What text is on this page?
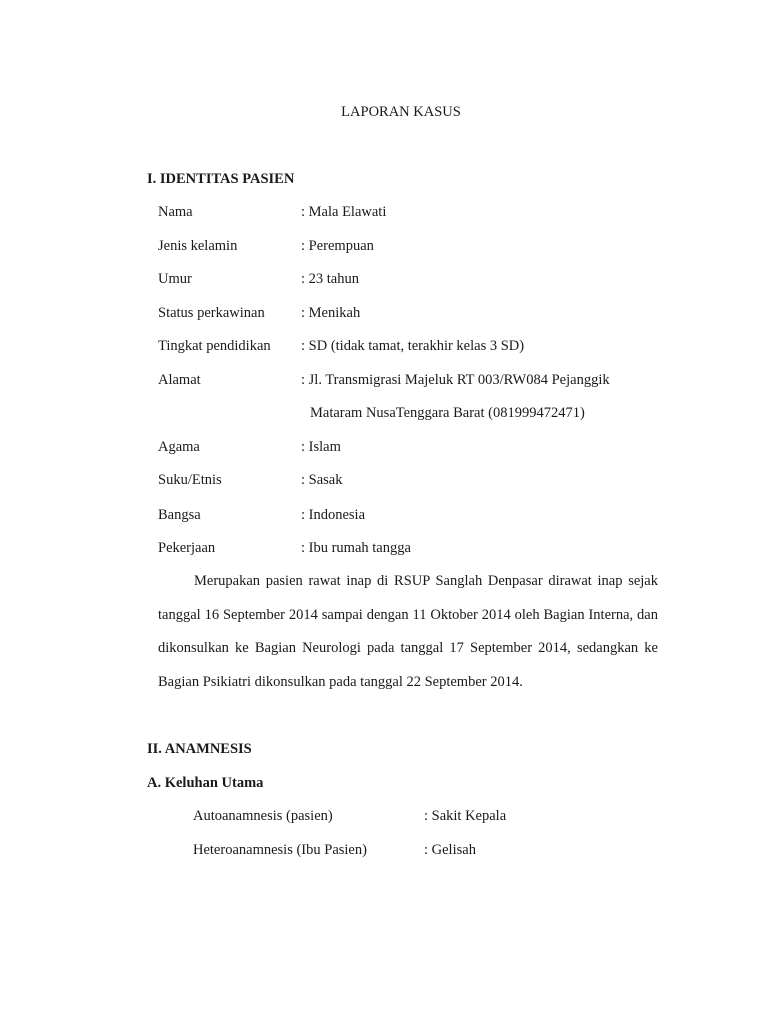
LAPORAN KASUS
I. IDENTITAS PASIEN
Nama	: Mala Elawati
Jenis kelamin	: Perempuan
Umur	: 23 tahun
Status perkawinan	: Menikah
Tingkat pendidikan : SD (tidak tamat, terakhir kelas 3 SD)
Alamat	: Jl. Transmigrasi Majeluk RT 003/RW084 Pejanggik
Mataram NusaTenggara Barat (081999472471)
Agama	: Islam
Suku/Etnis	: Sasak
Bangsa	: Indonesia
Pekerjaan	: Ibu rumah tangga

Merupakan pasien rawat inap di RSUP Sanglah Denpasar dirawat inap sejak tanggal 16 September 2014 sampai dengan 11 Oktober 2014 oleh Bagian Interna, dan dikonsulkan ke Bagian Neurologi pada tanggal 17 September 2014, sedangkan ke Bagian Psikiatri dikonsulkan pada tanggal 22 September 2014.

II. ANAMNESIS
A. Keluhan Utama
Autoanamnesis (pasien)	: Sakit Kepala
Heteroanamnesis (Ibu Pasien)	: Gelisah
